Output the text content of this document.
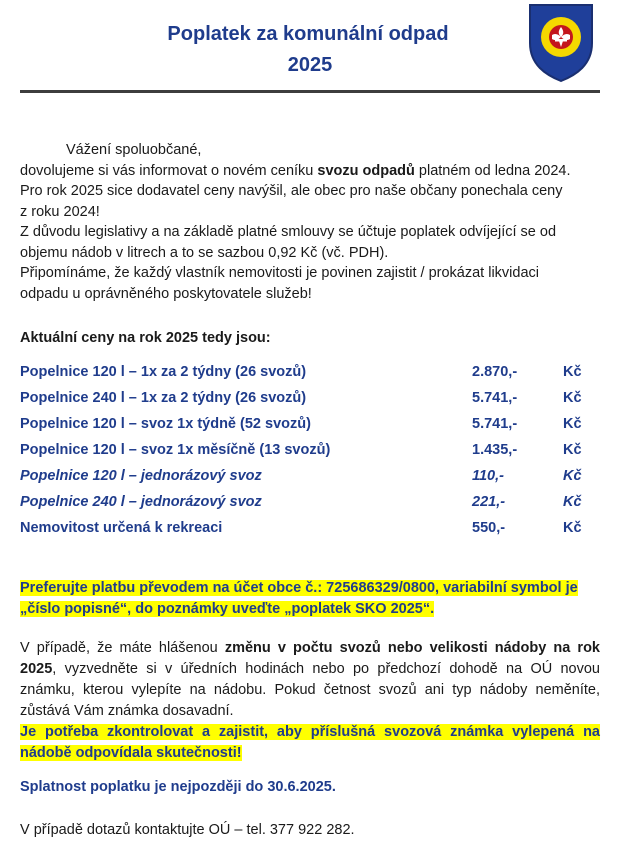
Poplatek za komunální odpad
2025
Vážení spoluobčané,
dovolujeme si vás informovat o novém ceníku svozu odpadů platném od ledna 2024.
Pro rok 2025 sice dodavatel ceny navýšil, ale obec pro naše občany ponechala ceny
z roku 2024!
Z důvodu legislativy a na základě platné smlouvy se účtuje poplatek odvíjející se od
objemu nádob v litrech a to se sazbou 0,92 Kč (vč. PDH).
Připomínáme, že každý vlastník nemovitosti je povinen zajistit / prokázat likvidaci
odpadu u oprávněného poskytovatele služeb!
Aktuální ceny na rok 2025 tedy jsou:
Popelnice 120 l – 1x za 2 týdny (26 svozů)	2.870,-	Kč
Popelnice 240 l – 1x za 2 týdny (26 svozů)	5.741,-	Kč
Popelnice 120 l – svoz 1x týdně (52 svozů)	5.741,-	Kč
Popelnice 120 l – svoz 1x měsíčně (13 svozů)	1.435,-	Kč
Popelnice 120 l – jednorázový svoz	110,-	Kč
Popelnice 240 l – jednorázový svoz	221,-	Kč
Nemovitost určená k rekreaci	550,-	Kč
Preferujte platbu převodem na účet obce č.: 725686329/0800, variabilní symbol je
„číslo popisné“, do poznámky uveďte „poplatek SKO 2025“.

V případě, že máte hlášenou změnu v počtu svozů nebo velikosti nádoby na rok 2025, vyzvedněte si v úředních hodinách nebo po předchozí dohodě na OÚ novou známku, kterou vylepíte na nádobu. Pokud četnost svozů ani typ nádoby neměníte, zůstává Vám známka dosavadní.

Je potřeba zkontrolovat a zajistit, aby příslušná svozová známka vylepená na nádobě odpovídala skutečnosti!

Splatnost poplatku je nejpozději do 30.6.2025.
V případě dotazů kontaktujte OÚ – tel. 377 922 282.
